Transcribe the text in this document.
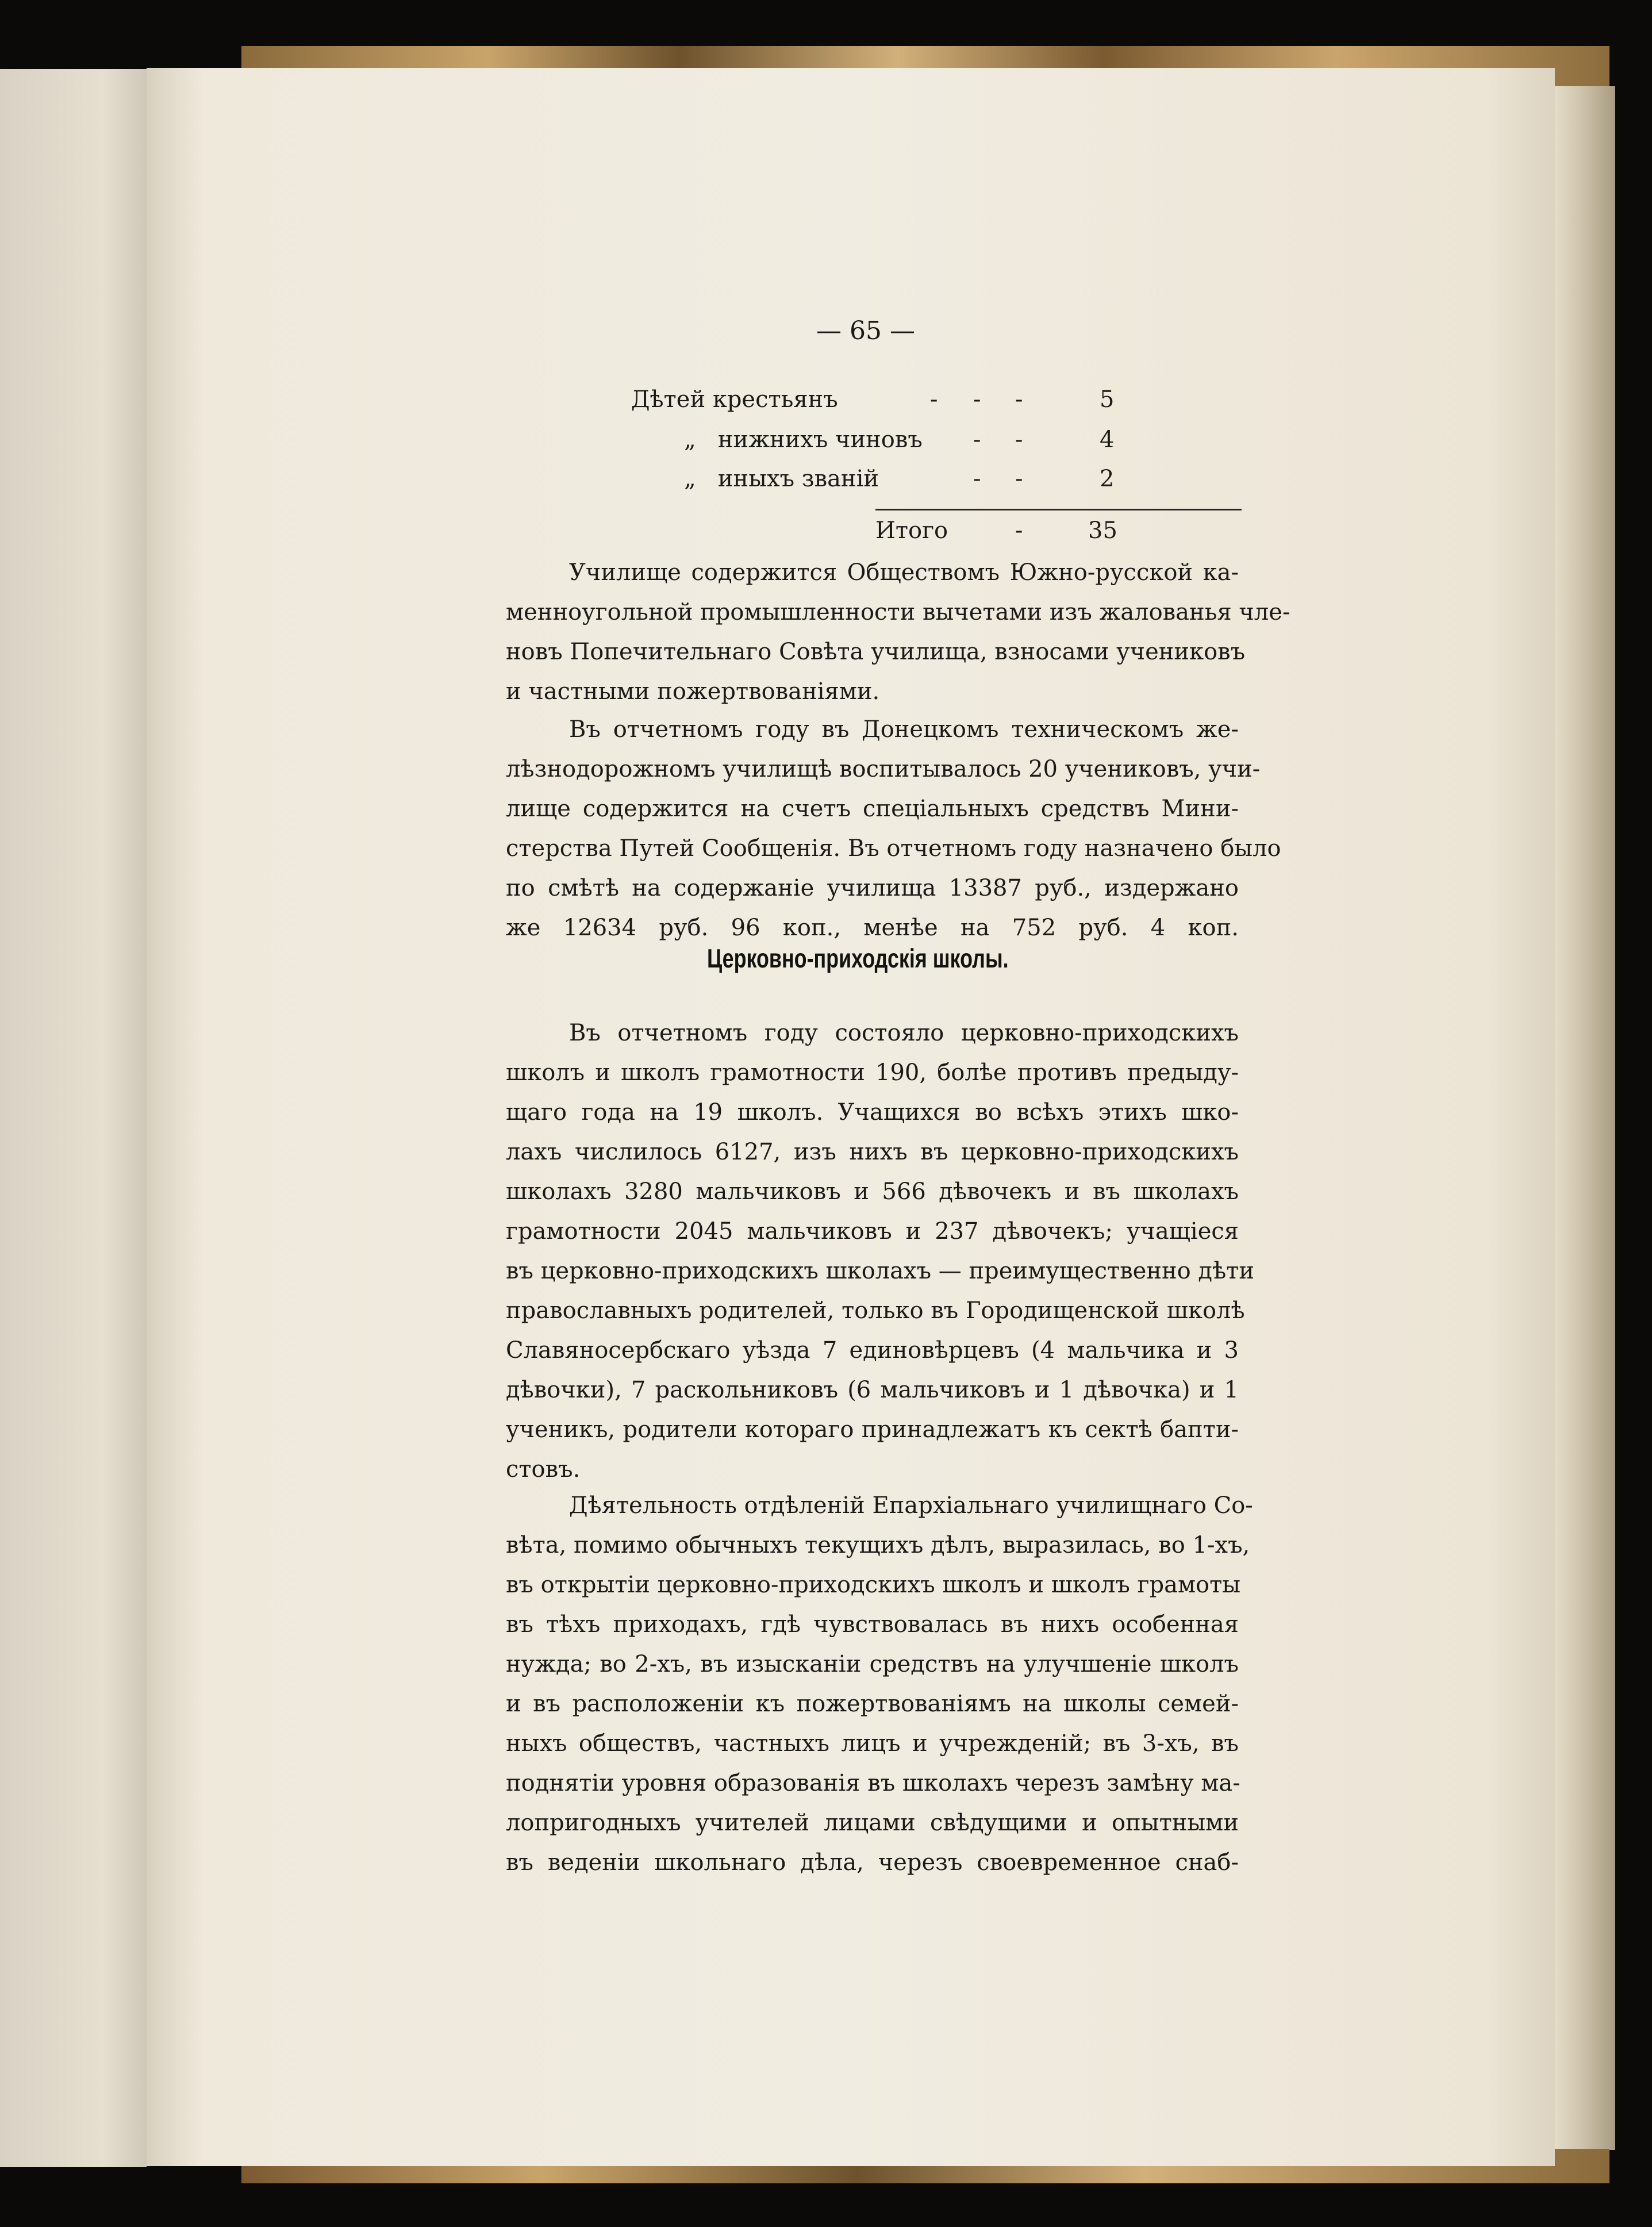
— 65 —
Дѣтей крестьянъ	- - -	5
„   нижнихъ чиновъ - -	4
„   иныхъ званій	- -	2
Итого	-	35
Училище содержится Обществомъ Южно-русской ка-
менноугольной промышленности вычетами изъ жалованья чле-
новъ Попечительнаго Совѣта училища, взносами учениковъ
и частными пожертвованіями.
Въ отчетномъ году въ Донецкомъ техническомъ же-
лѣзнодорожномъ училищѣ воспитывалось 20 учениковъ, учи-
лище содержится на счетъ спеціальныхъ средствъ Мини-
стерства Путей Сообщенія. Въ отчетномъ году назначено было
по смѣтѣ на содержаніе училища 13387 руб., издержано
же 12634 руб. 96 коп., менѣе на 752 руб. 4 коп.
Церковно-приходскія школы.
Въ отчетномъ году состояло церковно-приходскихъ
школъ и школъ грамотности 190, болѣе противъ предыду-
щаго года на 19 школъ. Учащихся во всѣхъ этихъ шко-
лахъ числилось 6127, изъ нихъ въ церковно-приходскихъ
школахъ 3280 мальчиковъ и 566 дѣвочекъ и въ школахъ
грамотности 2045 мальчиковъ и 237 дѣвочекъ; учащіеся
въ церковно-приходскихъ школахъ — преимущественно дѣти
православныхъ родителей, только въ Городищенской школѣ
Славяносербскаго уѣзда 7 единовѣрцевъ (4 мальчика и 3
дѣвочки), 7 раскольниковъ (6 мальчиковъ и 1 дѣвочка) и 1
ученикъ, родители котораго принадлежатъ къ сектѣ бапти-
стовъ.
Дѣятельность отдѣленій Епархіальнаго училищнаго Со-
вѣта, помимо обычныхъ текущихъ дѣлъ, выразилась, во 1-хъ,
въ открытіи церковно-приходскихъ школъ и школъ грамоты
въ тѣхъ приходахъ, гдѣ чувствовалась въ нихъ особенная
нужда; во 2-хъ, въ изысканіи средствъ на улучшеніе школъ
и въ расположеніи къ пожертвованіямъ на школы семей-
ныхъ обществъ, частныхъ лицъ и учрежденій; въ 3-хъ, въ
поднятіи уровня образованія въ школахъ черезъ замѣну ма-
лопригодныхъ учителей лицами свѣдущими и опытными
въ веденіи школьнаго дѣла, черезъ своевременное снаб-
